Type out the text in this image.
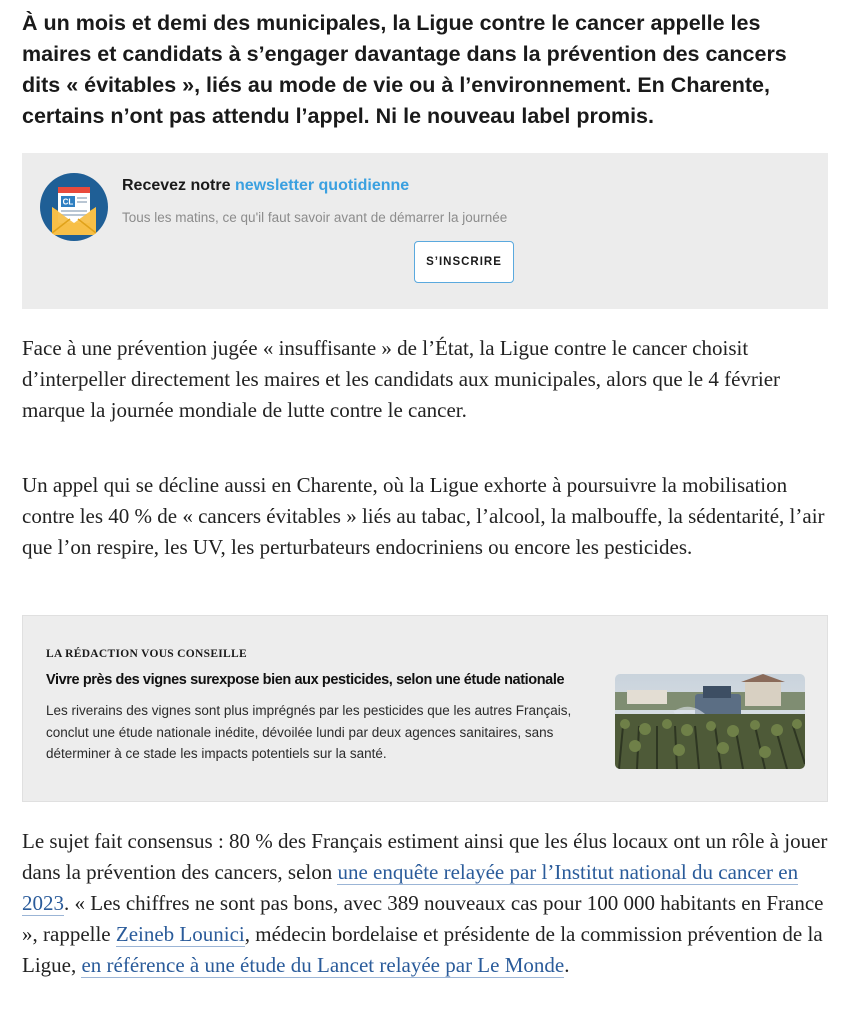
À un mois et demi des municipales, la Ligue contre le cancer appelle les maires et candidats à s’engager davantage dans la prévention des cancers dits « évitables », liés au mode de vie ou à l’environnement. En Charente, certains n’ont pas attendu l’appel. Ni le nouveau label promis.

CL
Recevez notre newsletter quotidienne
Tous les matins, ce qu'il faut savoir avant de démarrer la journée
S’INSCRIRE

Face à une prévention jugée « insuffisante » de l’État, la Ligue contre le cancer choisit d’interpeller directement les maires et les candidats aux municipales, alors que le 4 février marque la journée mondiale de lutte contre le cancer.

Un appel qui se décline aussi en Charente, où la Ligue exhorte à poursuivre la mobilisation contre les 40 % de « cancers évitables » liés au tabac, l’alcool, la malbouffe, la sédentarité, l’air que l’on respire, les UV, les perturbateurs endocriniens ou encore les pesticides.

LA RÉDACTION VOUS CONSEILLE
Vivre près des vignes surexpose bien aux pesticides, selon une étude nationale
Les riverains des vignes sont plus imprégnés par les pesticides que les autres Français, conclut une étude nationale inédite, dévoilée lundi par deux agences sanitaires, sans déterminer à ce stade les impacts potentiels sur la santé.

Le sujet fait consensus : 80 % des Français estiment ainsi que les élus locaux ont un rôle à jouer dans la prévention des cancers, selon une enquête relayée par l’Institut national du cancer en 2023. « Les chiffres ne sont pas bons, avec 389 nouveaux cas pour 100 000 habitants en France », rappelle Zeineb Lounici, médecin bordelaise et présidente de la commission prévention de la Ligue, en référence à une étude du Lancet relayée par Le Monde.
